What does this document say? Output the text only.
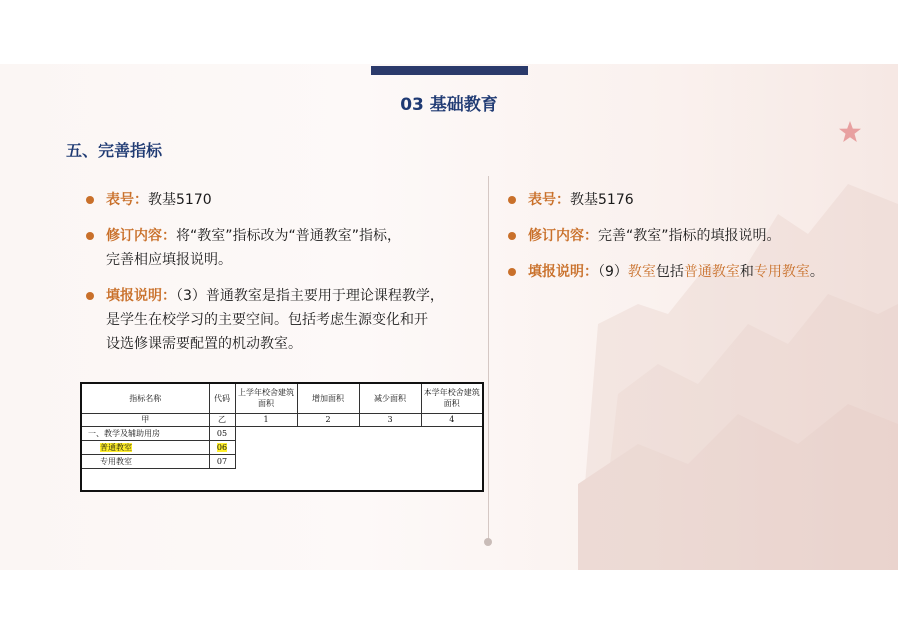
03 基础教育
五、完善指标
表号：教基5170
修订内容：将“教室”指标改为“普通教室”指标，
完善相应填报说明。
填报说明：（3）普通教室是指主要用于理论课程教学，
是学生在校学习的主要空间。包括考虑生源变化和开
设选修课需要配置的机动教室。
表号：教基5176
修订内容：完善“教室”指标的填报说明。
填报说明：（9）教室包括普通教室和专用教室。
指标名称	代码	上学年校舍建筑面积	增加面积	减少面积	本学年校舍建筑面积
甲	乙	1	2	3	4
一、教学及辅助用房	05				
普通教室	06				
专用教室	07				
